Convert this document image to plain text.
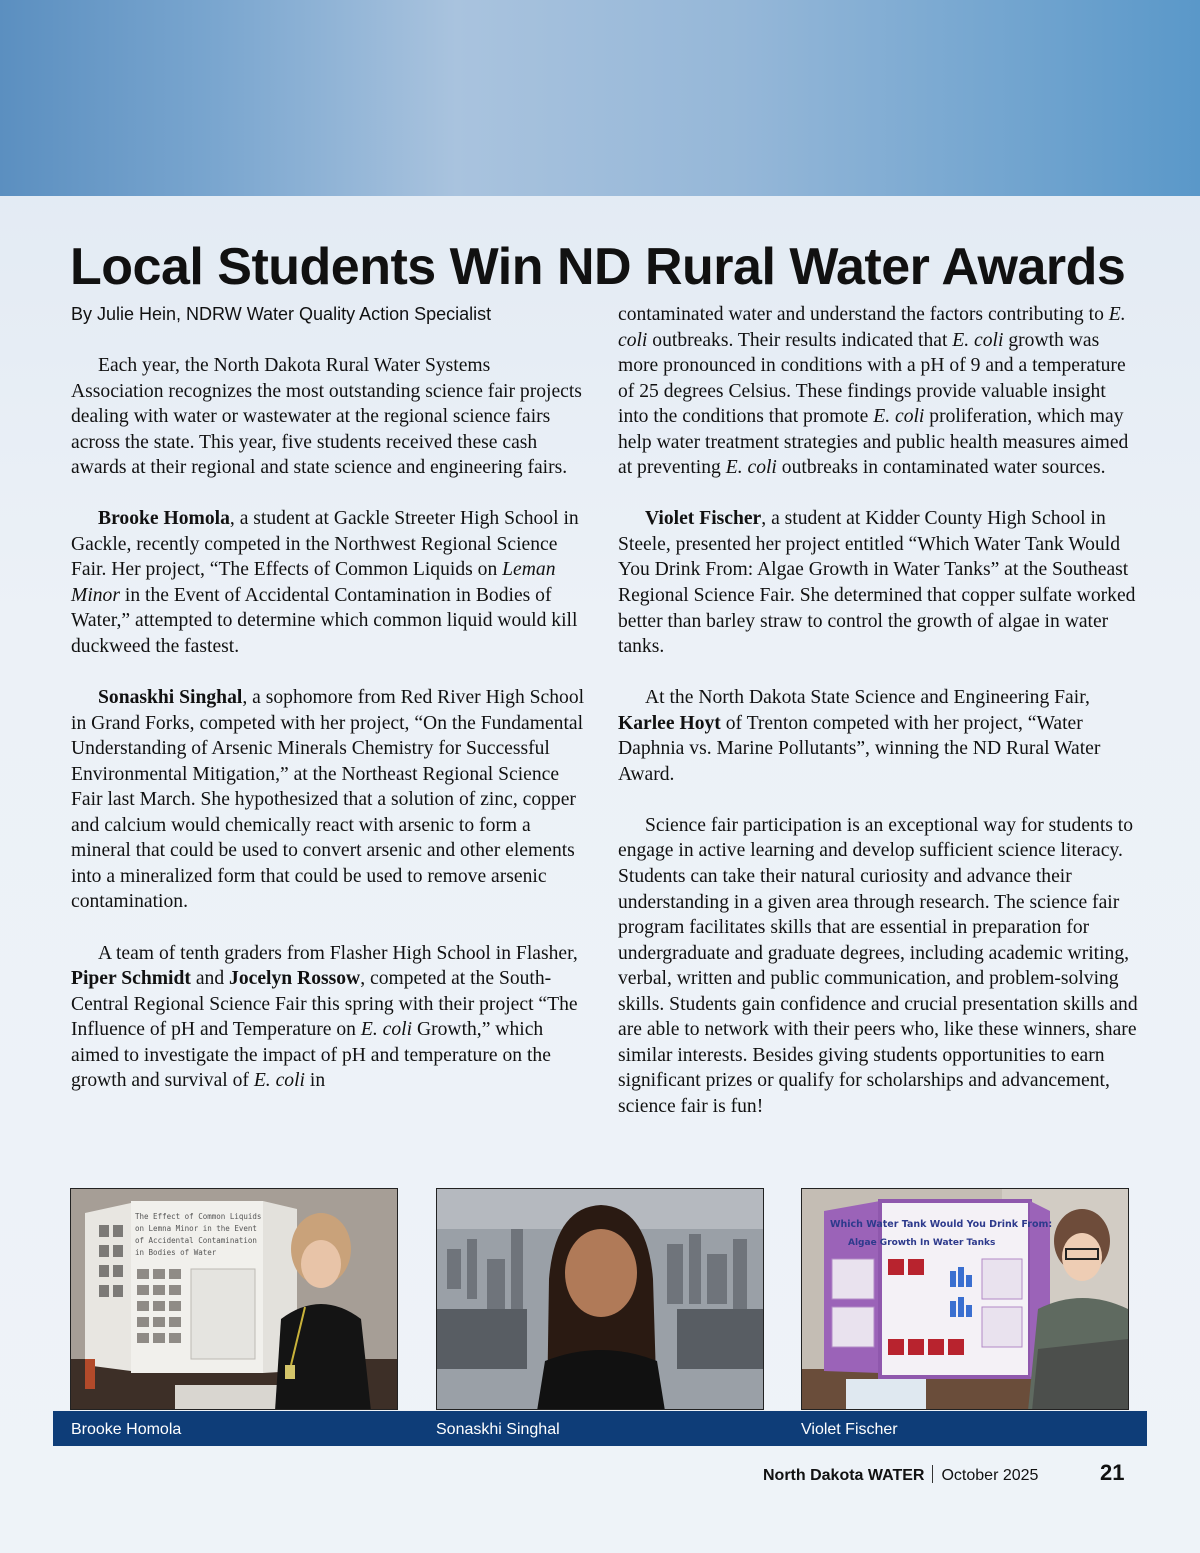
Local Students Win ND Rural Water Awards
By Julie Hein, NDRW Water Quality Action Specialist

Each year, the North Dakota Rural Water Systems Association recognizes the most outstanding science fair projects dealing with water or wastewater at the regional science fairs across the state. This year, five students received these cash awards at their regional and state science and engineering fairs.

Brooke Homola, a student at Gackle Streeter High School in Gackle, recently competed in the Northwest Regional Science Fair. Her project, “The Effects of Common Liquids on Leman Minor in the Event of Accidental Contamination in Bodies of Water,” attempted to determine which common liquid would kill duckweed the fastest.

Sonaskhi Singhal, a sophomore from Red River High School in Grand Forks, competed with her project, “On the Fundamental Understanding of Arsenic Minerals Chemistry for Successful Environmental Mitigation,” at the Northeast Regional Science Fair last March. She hypothesized that a solution of zinc, copper and calcium would chemically react with arsenic to form a mineral that could be used to convert arsenic and other elements into a mineralized form that could be used to remove arsenic contamination.

A team of tenth graders from Flasher High School in Flasher, Piper Schmidt and Jocelyn Rossow, competed at the South-Central Regional Science Fair this spring with their project “The Influence of pH and Temperature on E. coli Growth,” which aimed to investigate the impact of pH and temperature on the growth and survival of E. coli in

contaminated water and understand the factors contributing to E. coli outbreaks. Their results indicated that E. coli growth was more pronounced in conditions with a pH of 9 and a temperature of 25 degrees Celsius. These findings provide valuable insight into the conditions that promote E. coli proliferation, which may help water treatment strategies and public health measures aimed at preventing E. coli outbreaks in contaminated water sources.

Violet Fischer, a student at Kidder County High School in Steele, presented her project entitled “Which Water Tank Would You Drink From: Algae Growth in Water Tanks” at the Southeast Regional Science Fair. She determined that copper sulfate worked better than barley straw to control the growth of algae in water tanks.

At the North Dakota State Science and Engineering Fair, Karlee Hoyt of Trenton competed with her project, “Water Daphnia vs. Marine Pollutants”, winning the ND Rural Water Award.

Science fair participation is an exceptional way for students to engage in active learning and develop sufficient science literacy. Students can take their natural curiosity and advance their understanding in a given area through research. The science fair program facilitates skills that are essential in preparation for undergraduate and graduate degrees, including academic writing, verbal, written and public communication, and problem-solving skills. Students gain confidence and crucial presentation skills and are able to network with their peers who, like these winners, share similar interests. Besides giving students opportunities to earn significant prizes or qualify for scholarships and advancement, science fair is fun!

The Effect of Common Liquids
on Lemna Minor in the Event
of Accidental Contamination
in Bodies of Water
Which Water Tank Would You Drink From:
Algae Growth In Water Tanks
Brooke Homola	Sonaskhi Singhal	Violet Fischer
North Dakota WATER October 2025	21
